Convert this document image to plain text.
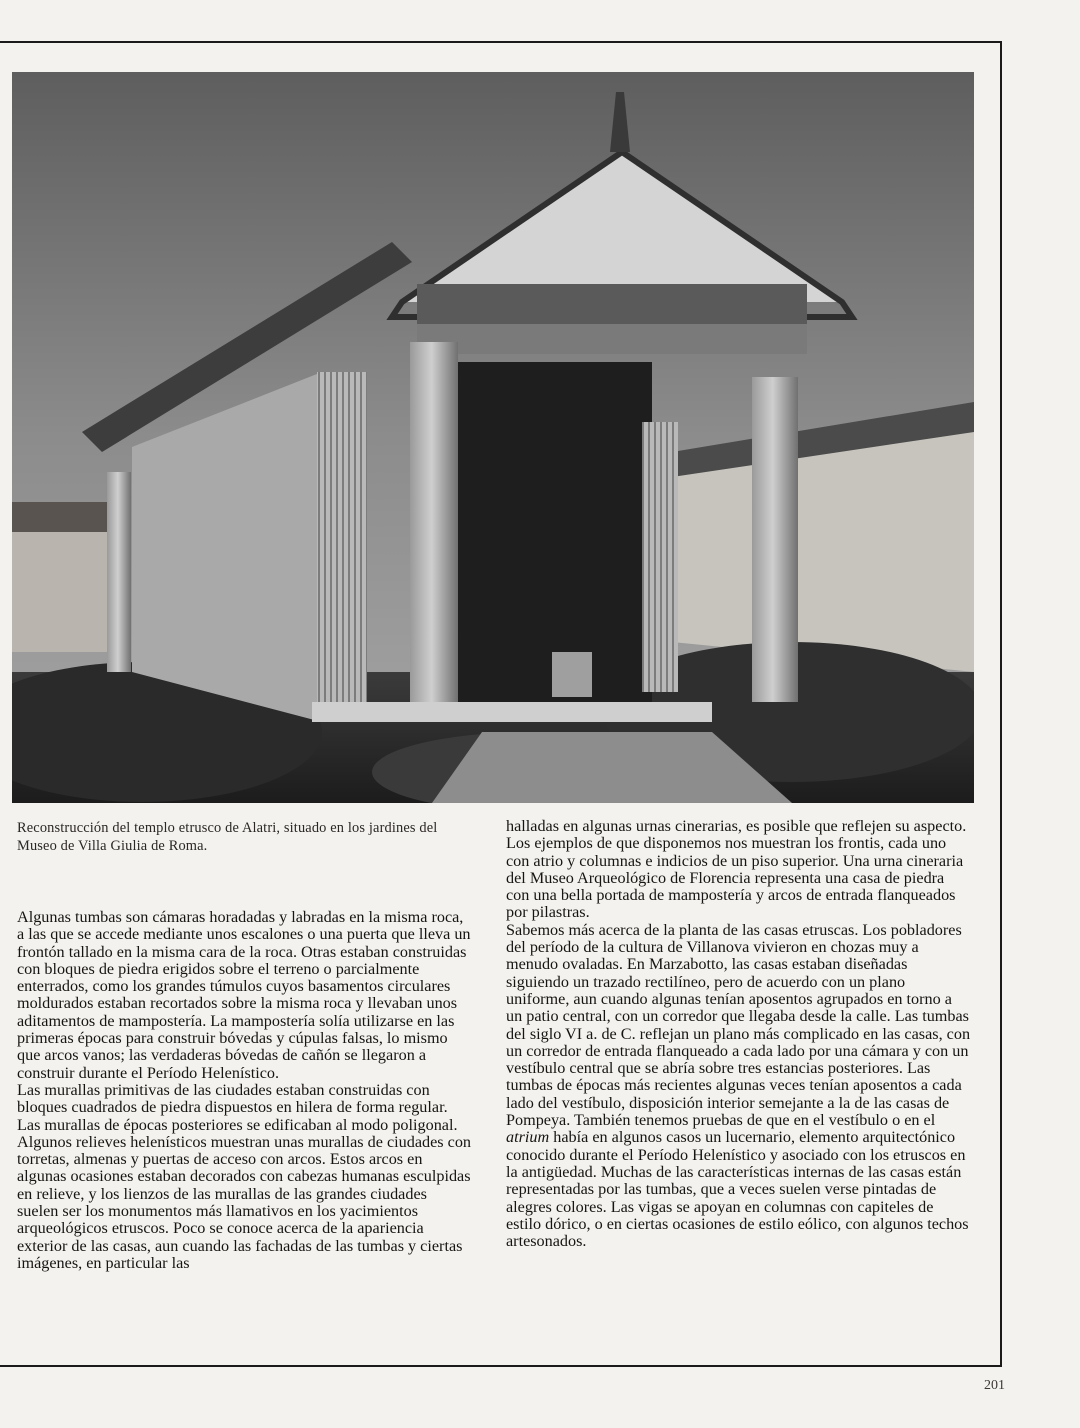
Reconstrucción del templo etrusco de Alatri, situado en los jardines del Museo de Villa Giulia de Roma.

Algunas tumbas son cámaras horadadas y labradas en la misma roca, a las que se accede mediante unos escalones o una puerta que lleva un frontón tallado en la misma cara de la roca. Otras estaban construidas con bloques de piedra erigidos sobre el terreno o parcialmente enterrados, como los grandes túmulos cuyos basamentos circulares moldurados estaban recortados sobre la misma roca y llevaban unos aditamentos de mampostería. La mampostería solía utilizarse en las primeras épocas para construir bóvedas y cúpulas falsas, lo mismo que arcos vanos; las verdaderas bóvedas de cañón se llegaron a construir durante el Período Helenístico.

Las murallas primitivas de las ciudades estaban construidas con bloques cuadrados de piedra dispuestos en hilera de forma regular. Las murallas de épocas posteriores se edificaban al modo poligonal. Algunos relieves helenísticos muestran unas murallas de ciudades con torretas, almenas y puertas de acceso con arcos. Estos arcos en algunas ocasiones estaban decorados con cabezas humanas esculpidas en relieve, y los lienzos de las murallas de las grandes ciudades suelen ser los monumentos más llamativos en los yacimientos arqueológicos etruscos. Poco se conoce acerca de la apariencia exterior de las casas, aun cuando las fachadas de las tumbas y ciertas imágenes, en particular las

halladas en algunas urnas cinerarias, es posible que reflejen su aspecto. Los ejemplos de que disponemos nos muestran los frontis, cada uno con atrio y columnas e indicios de un piso superior. Una urna cineraria del Museo Arqueológico de Florencia representa una casa de piedra con una bella portada de mampostería y arcos de entrada flanqueados por pilastras.

Sabemos más acerca de la planta de las casas etruscas. Los pobladores del período de la cultura de Villanova vivieron en chozas muy a menudo ovaladas. En Marzabotto, las casas estaban diseñadas siguiendo un trazado rectilíneo, pero de acuerdo con un plano uniforme, aun cuando algunas tenían aposentos agrupados en torno a un patio central, con un corredor que llegaba desde la calle. Las tumbas del siglo VI a. de C. reflejan un plano más complicado en las casas, con un corredor de entrada flanqueado a cada lado por una cámara y con un vestíbulo central que se abría sobre tres estancias posteriores. Las tumbas de épocas más recientes algunas veces tenían aposentos a cada lado del vestíbulo, disposición interior semejante a la de las casas de Pompeya. También tenemos pruebas de que en el vestíbulo o en el atrium había en algunos casos un lucernario, elemento arquitectónico conocido durante el Período Helenístico y asociado con los etruscos en la antigüedad. Muchas de las características internas de las casas están representadas por las tumbas, que a veces suelen verse pintadas de alegres colores. Las vigas se apoyan en columnas con capiteles de estilo dórico, o en ciertas ocasiones de estilo eólico, con algunos techos artesonados.

201
